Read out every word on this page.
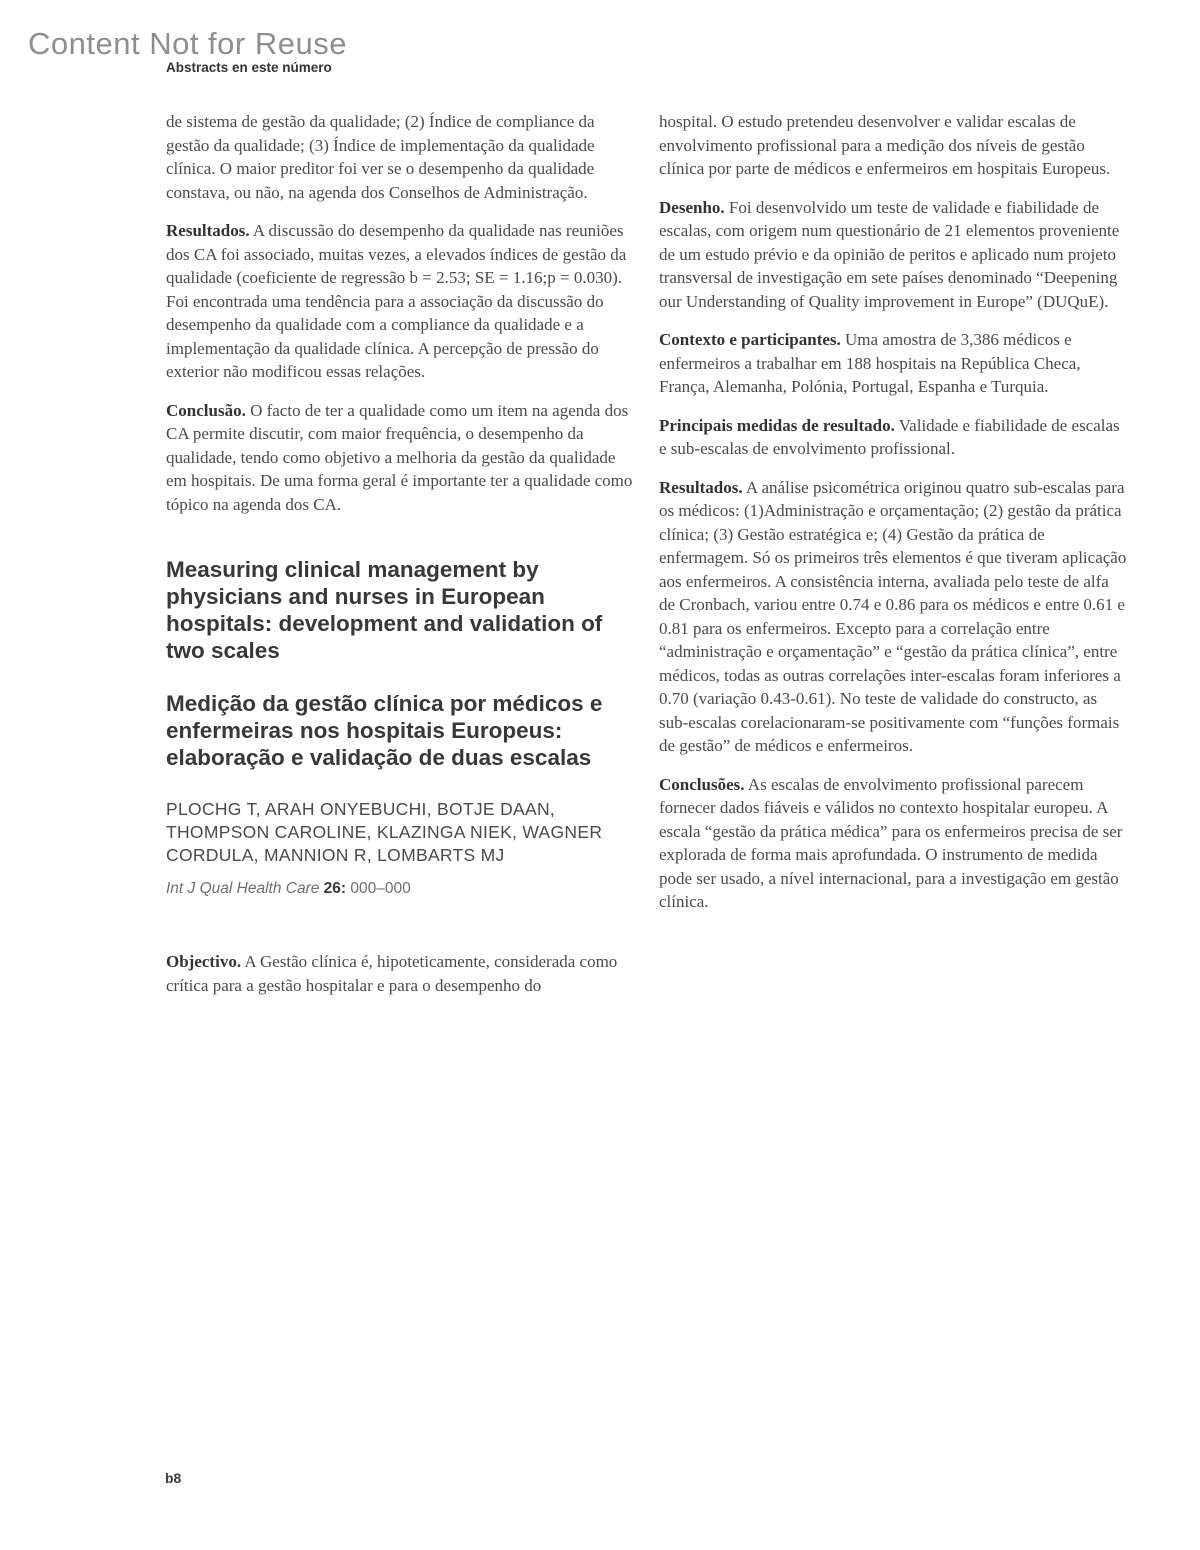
Content Not for Reuse
Abstracts en este número

de sistema de gestão da qualidade; (2) Índice de compliance da gestão da qualidade; (3) Índice de implementação da qualidade clínica. O maior preditor foi ver se o desempenho da qualidade constava, ou não, na agenda dos Conselhos de Administração.

Resultados. A discussão do desempenho da qualidade nas reuniões dos CA foi associado, muitas vezes, a elevados índices de gestão da qualidade (coeficiente de regressão b = 2.53; SE = 1.16;p = 0.030). Foi encontrada uma tendência para a associação da discussão do desempenho da qualidade com a compliance da qualidade e a implementação da qualidade clínica. A percepção de pressão do exterior não modificou essas relações.

Conclusão. O facto de ter a qualidade como um item na agenda dos CA permite discutir, com maior frequência, o desempenho da qualidade, tendo como objetivo a melhoria da gestão da qualidade em hospitais. De uma forma geral é importante ter a qualidade como tópico na agenda dos CA.

Measuring clinical management by physicians and nurses in European hospitals: development and validation of two scales
Medição da gestão clínica por médicos e enfermeiras nos hospitais Europeus: elaboração e validação de duas escalas
PLOCHG T, ARAH ONYEBUCHI, BOTJE DAAN, THOMPSON CAROLINE, KLAZINGA NIEK, WAGNER CORDULA, MANNION R, LOMBARTS MJ
Int J Qual Health Care 26: 000–000

Objectivo. A Gestão clínica é, hipoteticamente, considerada como crítica para a gestão hospitalar e para o desempenho do

hospital. O estudo pretendeu desenvolver e validar escalas de envolvimento profissional para a medição dos níveis de gestão clínica por parte de médicos e enfermeiros em hospitais Europeus.

Desenho. Foi desenvolvido um teste de validade e fiabilidade de escalas, com origem num questionário de 21 elementos proveniente de um estudo prévio e da opinião de peritos e aplicado num projeto transversal de investigação em sete países denominado “Deepening our Understanding of Quality improvement in Europe” (DUQuE).

Contexto e participantes. Uma amostra de 3,386 médicos e enfermeiros a trabalhar em 188 hospitais na República Checa, França, Alemanha, Polónia, Portugal, Espanha e Turquia.

Principais medidas de resultado. Validade e fiabilidade de escalas e sub-escalas de envolvimento profissional.

Resultados. A análise psicométrica originou quatro sub-escalas para os médicos: (1)Administração e orçamentação; (2) gestão da prática clínica; (3) Gestão estratégica e; (4) Gestão da prática de enfermagem. Só os primeiros três elementos é que tiveram aplicação aos enfermeiros. A consistência interna, avaliada pelo teste de alfa de Cronbach, variou entre 0.74 e 0.86 para os médicos e entre 0.61 e 0.81 para os enfermeiros. Excepto para a correlação entre “administração e orçamentação” e “gestão da prática clínica”, entre médicos, todas as outras correlações inter-escalas foram inferiores a 0.70 (variação 0.43-0.61). No teste de validade do constructo, as sub-escalas corelacionaram-se positivamente com “funções formais de gestão” de médicos e enfermeiros.

Conclusões. As escalas de envolvimento profissional parecem fornecer dados fiáveis e válidos no contexto hospitalar europeu. A escala “gestão da prática médica” para os enfermeiros precisa de ser explorada de forma mais aprofundada. O instrumento de medida pode ser usado, a nível internacional, para a investigação em gestão clínica.

b8
